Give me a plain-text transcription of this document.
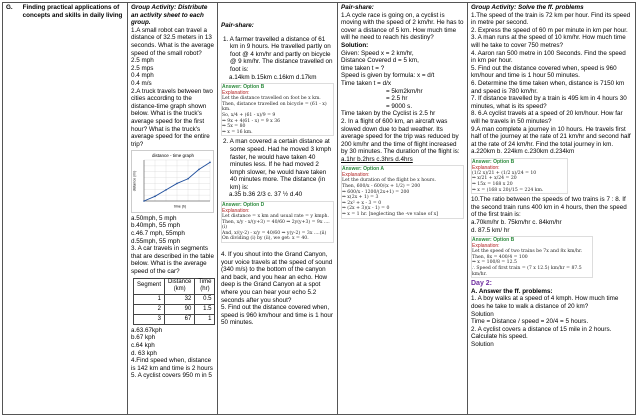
G. Finding practical applications of concepts and skills in daily living
Group Activity: Distribute an activity sheet to each group.
1.A small robot can travel a distance of 32.5 meters in 13 seconds. What is the average speed of the small robot?
2.5 mph
2.5 mps
0.4 mph
0.4 m/s
2.A truck travels between two cities according to the distance-time graph shown below. What is the truck's average speed for the first hour? What is the truck's average speed for the entire trip?
distance - time graph
time (h)
distance (mi)
a.50mph, 5 mph
b.40mph, 55 mph
c.46.7 mph, 55mph
d.55mph, 55 mph
3. A car travels in segments that are described in the table below. What is the average speed of the car?
Segment	Distance (km)	Time (hr)
1	32	0.5
2	90	1.5
3	67	1
a.63.67kph
b.67 kph
c.64 kph
d. 63 kph
4.Find speed when, distance is 142 km and time is 2 hours
5. A cyclist covers 950 m in 5
Pair-share:
1. A farmer travelled a distance of 61 km in 9 hours. He travelled partly on foot @ 4 km/hr and partly on bicycle @ 9 km/hr. The distance travelled on foot is:
a.14km b.15km c.16km d.17km
Answer: Option B
Explanation:
Let the distance travelled on foot be x km.
Then, distance travelled on bicycle = (61 - x) km.
So, x/4 + (61 - x)/9 = 9
⇒ 9x + 4(61 - x) = 9 x 36
⇒ 5x = 80
⇒ x = 16 km.
2. A man covered a certain distance at some speed. Had he moved 3 kmph faster, he would have taken 40 minutes less. If he had moved 2 kmph slower, he would have taken 40 minutes more. The distance (in km) is:
a.35 b.36 2/3 c. 37 ½ d.40
Answer: Option D
Explanation:
Let distance = x km and usual rate = y kmph.
Then, x/y - x/(y+3) = 40/60 ⇒ 2y(y+3) = 9x ....(i)
And, x/(y-2) - x/y = 40/60 ⇒ y(y-2) = 3x ....(ii)
On dividing (i) by (ii), we get: x = 40.
4. If you shout into the Grand Canyon, your voice travels at the speed of sound (340 m/s) to the bottom of the canyon and back, and you hear an echo. How deep is the Grand Canyon at a spot where you can hear your echo 5.2 seconds after you shout?
5. Find out the distance covered when, speed is 960 km/hour and time is 1 hour 50 minutes.
Pair-share:
1.A cycle race is going on, a cyclist is moving with the speed of 2 km/hr. He has to cover a distance of 5 km. How much time will he need to reach his destiny?
Solution:
Given: Speed x = 2 km/hr,
Distance Covered d = 5 km,
time taken t = ?
Speed is given by formula: x = d/t
Time taken t = d/x
= 5km2km/hr
= 2.5 hr
= 9000 s.
Time taken by the Cyclist is 2.5 hr
2. In a flight of 600 km, an aircraft was slowed down due to bad weather. Its average speed for the trip was reduced by 200 km/hr and the time of flight increased by 30 minutes. The duration of the flight is:
a.1hr b.2hrs c.3hrs d.4hrs
Answer: Option A
Explanation:
Let the duration of the flight be x hours.
Then, 600/x - 600/(x + 1/2) = 200
⇒ 600/x - 1200/(2x+1) = 200
⇒ x(2x + 1) = 3
⇒ 2x² + x - 3 = 0
⇒ (2x + 3)(x - 1) = 0
⇒ x = 1 hr. [neglecting the -ve value of x]
Group Activity: Solve the ff. problems
1.The speed of the train is 72 km per hour. Find its speed in metre per second.
2. Express the speed of 60 m per minute in km per hour.
3. A man runs at the speed of 10 km/hr. How much time will he take to cover 750 metres?
4. Aaron ran 500 metre in 100 Seconds. Find the speed in km per hour.
5. Find out the distance covered when, speed is 960 km/hour and time is 1 hour 50 minutes.
6. Determine the time taken when, distance is 7150 km and speed is 780 km/hr.
7. If distance travelled by a train is 495 km in 4 hours 30 minutes, what is its speed?
8. 6.A cyclist travels at a speed of 20 km/hour. How far will he travels in 50 minutes?
9.A man complete a journey in 10 hours. He travels first half of the journey at the rate of 21 km/hr and second half at the rate of 24 km/hr. Find the total journey in km.
a.220km b. 224km c.230km d.234km
Answer: Option B
Explanation:
(1/2 x)/21 + (1/2 x)/24 = 10
⇒ x/21 + x/24 = 20
⇒ 15x = 168 x 20
⇒ x = (168 x 20)/15 = 224 km.
10.The ratio between the speeds of two trains is 7 : 8. If the second train runs 400 km in 4 hours, then the speed of the first train is:
a.70km/hr b. 75km/hr c. 84km/hr
d. 87.5 km/ hr
Answer: Option B
Explanation:
Let the speed of two trains be 7x and 8x km/hr.
Then, 8x = 400/4 = 100
⇒ x = 100/8 = 12.5
∴ Speed of first train = (7 x 12.5) km/hr = 87.5 km/hr.
Day 2:
A. Answer the ff. problems:
1. A boy walks at a speed of 4 kmph. How much time does he take to walk a distance of 20 km?
Solution
Time = Distance / speed = 20/4 = 5 hours.
2. A cyclist covers a distance of 15 mile in 2 hours. Calculate his speed.
Solution
